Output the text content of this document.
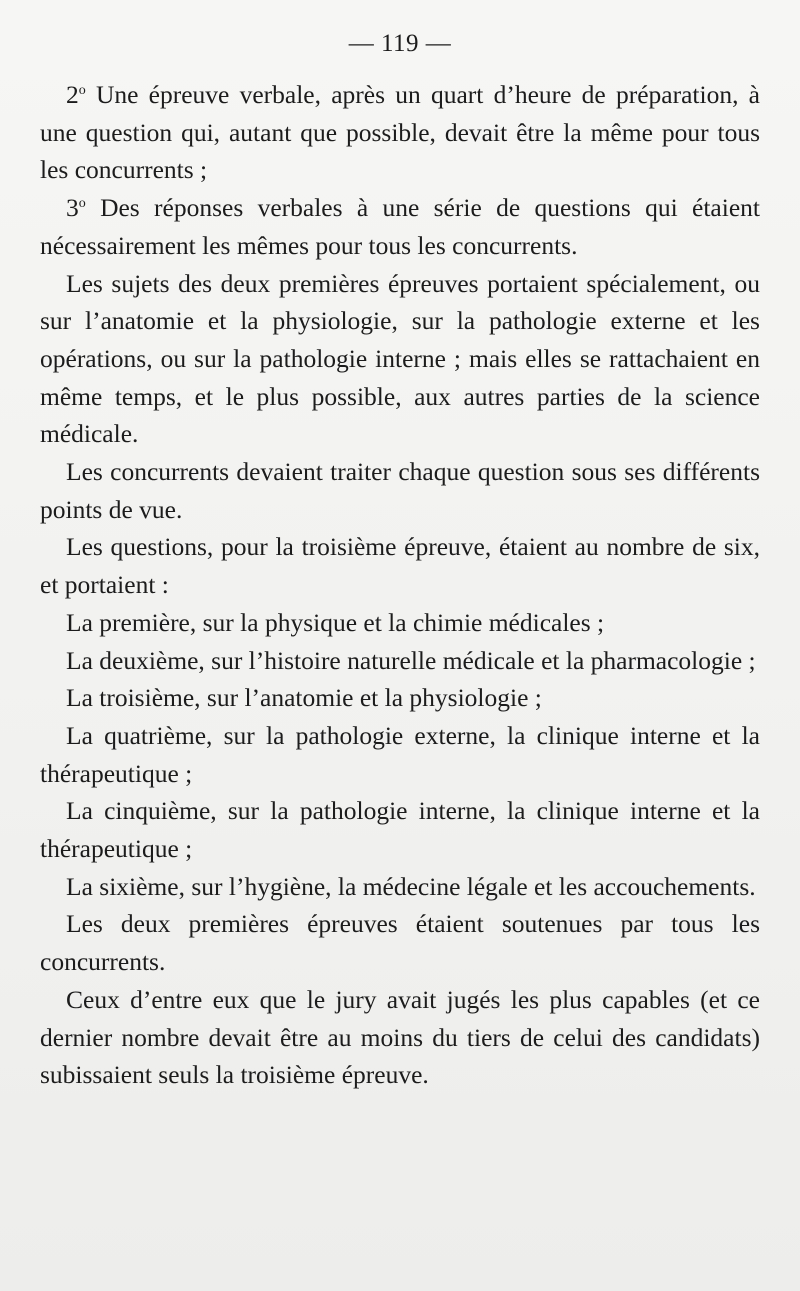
— 119 —

2$^o$ Une épreuve verbale, après un quart d’heure de préparation, à une question qui, autant que possible, devait être la même pour tous les concurrents ;

3$^o$ Des réponses verbales à une série de questions qui étaient nécessairement les mêmes pour tous les concurrents.

Les sujets des deux premières épreuves portaient spécialement, ou sur l’anatomie et la physiologie, sur la pathologie externe et les opérations, ou sur la pathologie interne ; mais elles se rattachaient en même temps, et le plus possible, aux autres parties de la science médicale.

Les concurrents devaient traiter chaque question sous ses différents points de vue.

Les questions, pour la troisième épreuve, étaient au nombre de six, et portaient :

La première, sur la physique et la chimie médicales ;

La deuxième, sur l’histoire naturelle médicale et la pharmacologie ;

La troisième, sur l’anatomie et la physiologie ;

La quatrième, sur la pathologie externe, la clinique interne et la thérapeutique ;

La cinquième, sur la pathologie interne, la clinique interne et la thérapeutique ;

La sixième, sur l’hygiène, la médecine légale et les accouchements.

Les deux premières épreuves étaient soutenues par tous les concurrents.

Ceux d’entre eux que le jury avait jugés les plus capables (et ce dernier nombre devait être au moins du tiers de celui des candidats) subissaient seuls la troisième épreuve.
